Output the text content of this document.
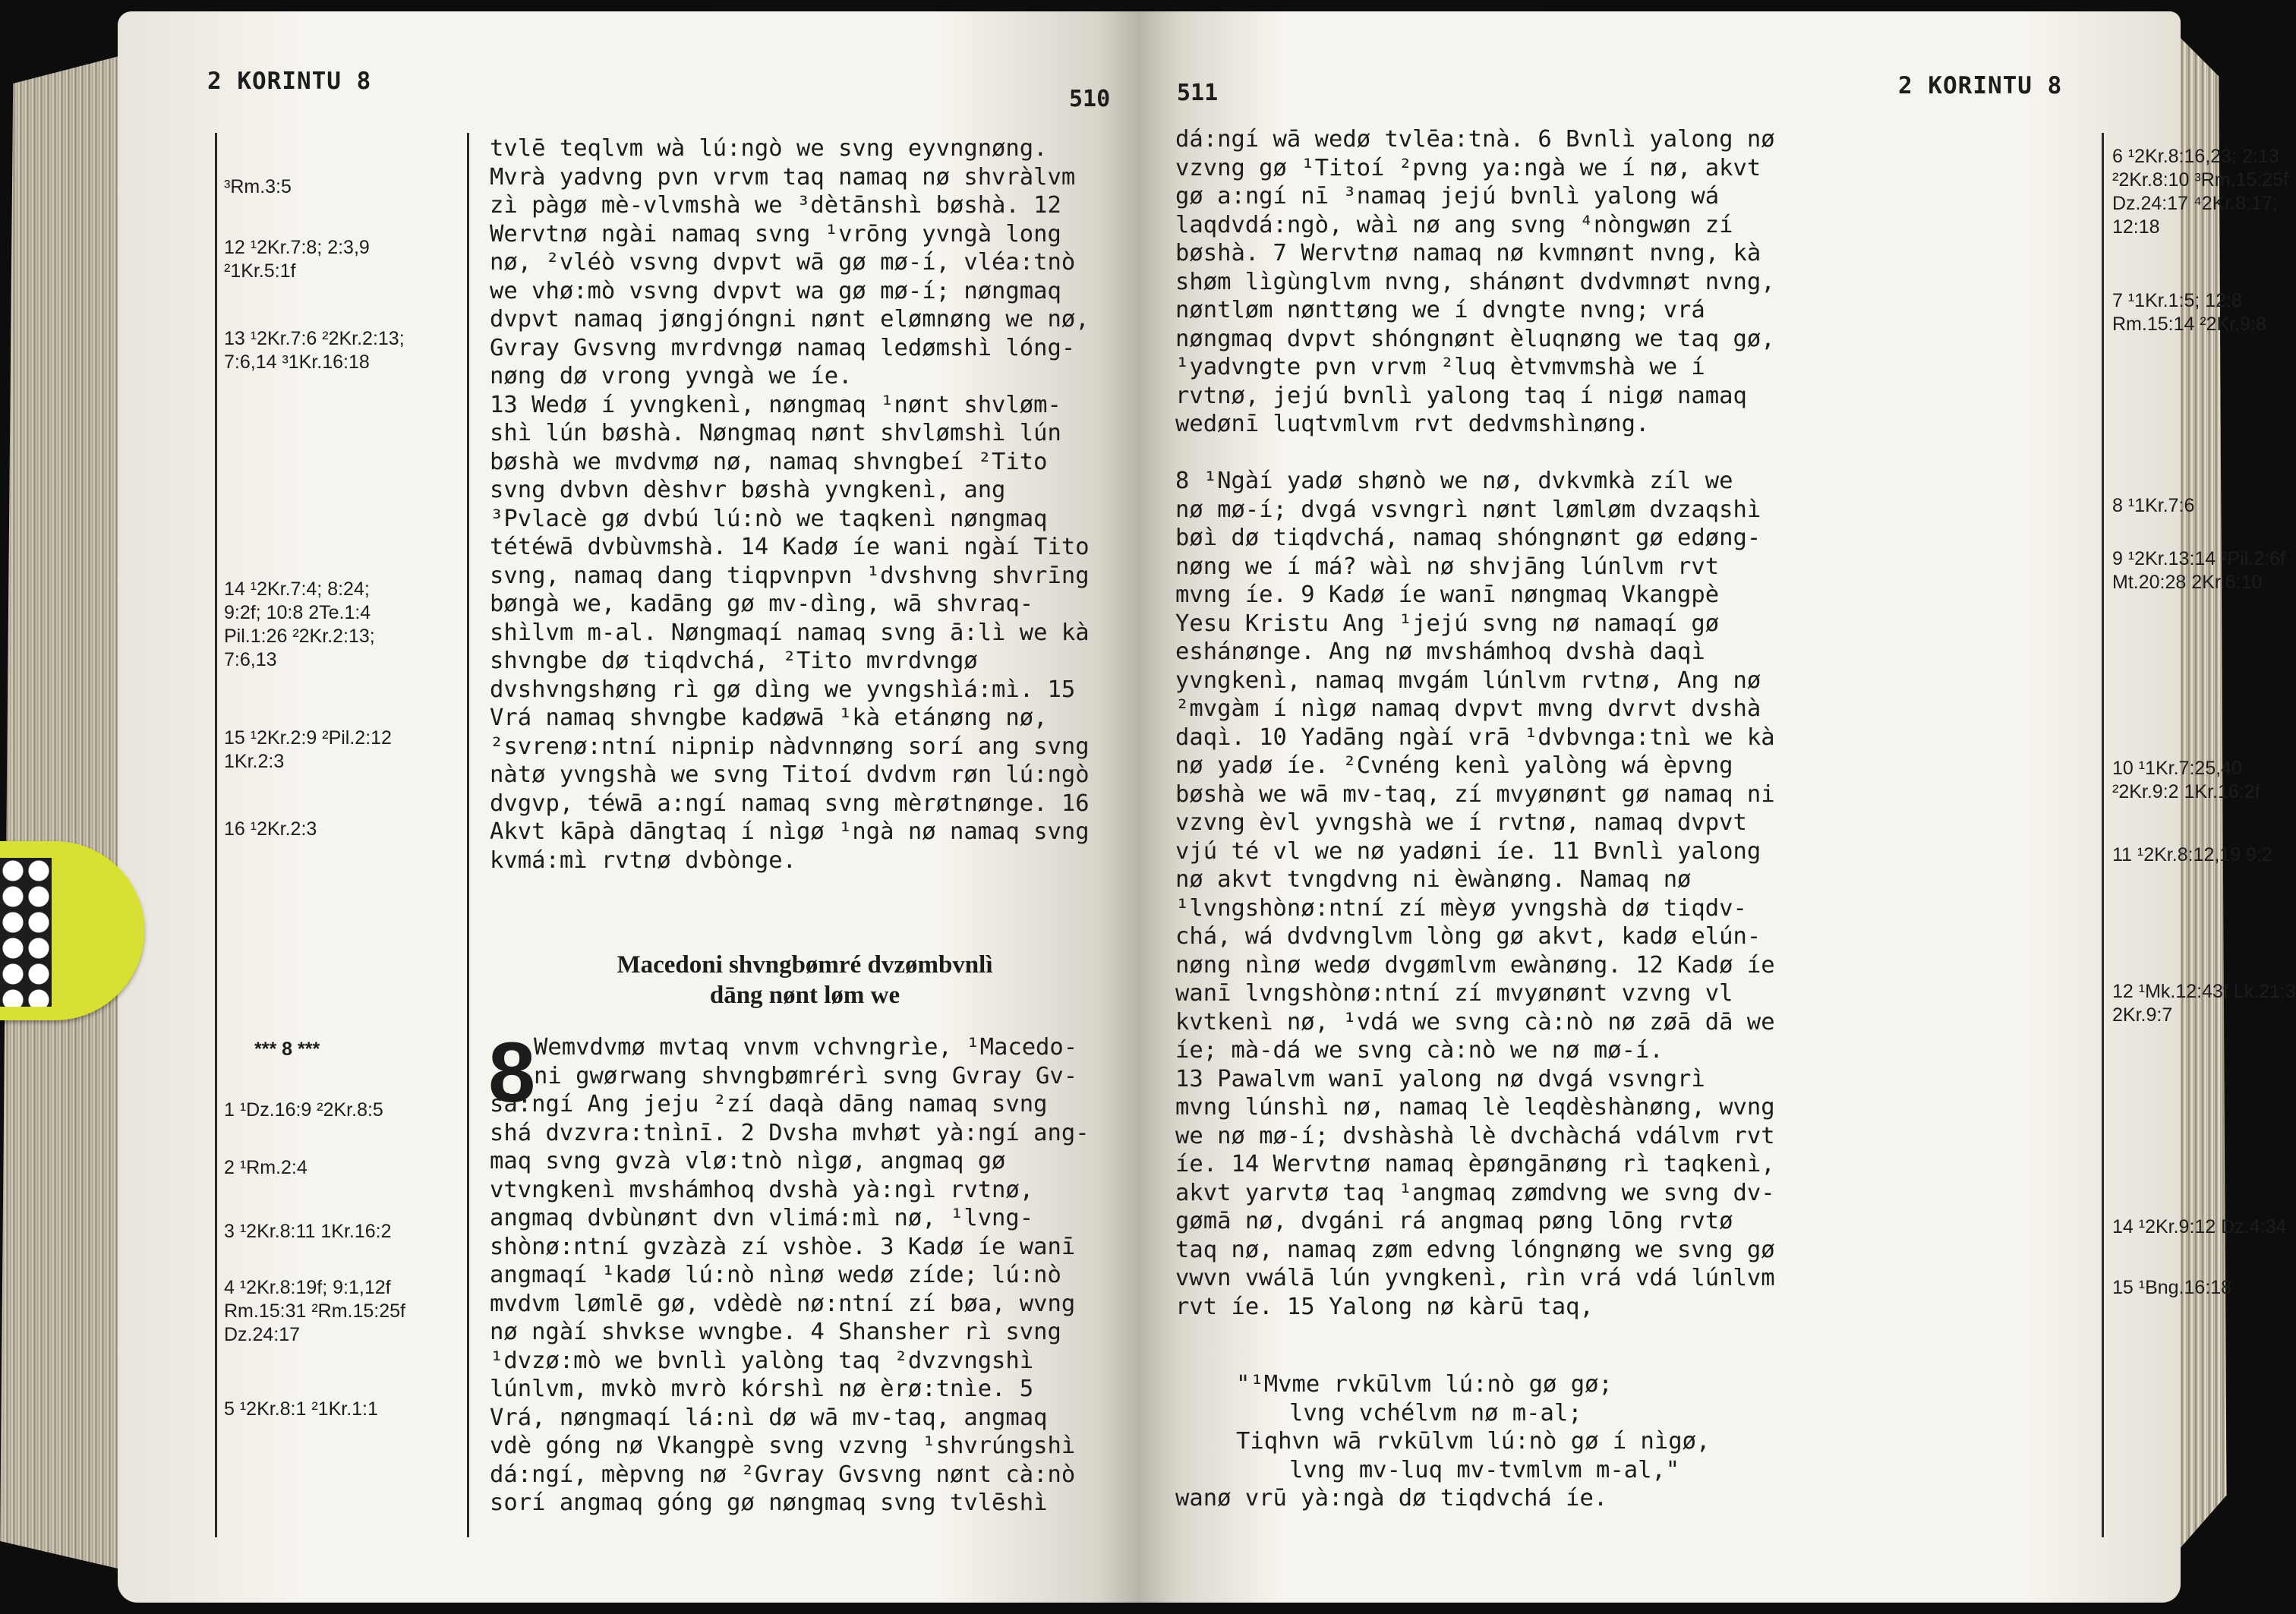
2 KORINTU 8
510
³Rm.3:5
12 ¹2Kr.7:8; 2:3,9
²1Kr.5:1f
13 ¹2Kr.7:6 ²2Kr.2:13;
7:6,14 ³1Kr.16:18
14 ¹2Kr.7:4; 8:24;
9:2f; 10:8 2Te.1:4
Pil.1:26 ²2Kr.2:13;
7:6,13
15 ¹2Kr.2:9 ²Pil.2:12
1Kr.2:3
16 ¹2Kr.2:3
*** 8 ***
1 ¹Dz.16:9 ²2Kr.8:5
2 ¹Rm.2:4
3 ¹2Kr.8:11 1Kr.16:2
4 ¹2Kr.8:19f; 9:1,12f
Rm.15:31 ²Rm.15:25f
Dz.24:17
5 ¹2Kr.8:1 ²1Kr.1:1
tvlē teqlvm wà lú:ngò we svng eyvngnøng.
Mvrà yadvng pvn vrvm taq namaq nø shvràlvm
zì pàgø mè-vlvmshà we ³dètānshì bøshà. 12
Wervtnø ngài namaq svng ¹vrōng yvngà long
nø, ²vléò vsvng dvpvt wā gø mø-í, vléa:tnò
we vhø:mò vsvng dvpvt wa gø mø-í; nøngmaq
dvpvt namaq jøngjóngni nønt elømnøng we nø,
Gvray Gvsvng mvrdvngø namaq ledømshì lóng-
nøng dø vrong yvngà we íe.
13 Wedø í yvngkenì, nøngmaq ¹nønt shvløm-
shì lún bøshà. Nøngmaq nønt shvlømshì lún
bøshà we mvdvmø nø, namaq shvngbeí ²Tito
svng dvbvn dèshvr bøshà yvngkenì, ang
³Pvlacè gø dvbú lú:nò we taqkenì nøngmaq
tétéwā dvbùvmshà. 14 Kadø íe wani ngàí Tito
svng, namaq dang tiqpvnpvn ¹dvshvng shvrīng
bøngà we, kadāng gø mv-dìng, wā shvraq-
shìlvm m-al. Nøngmaqí namaq svng ā:lì we kà
shvngbe dø tiqdvchá, ²Tito mvrdvngø
dvshvngshøng rì gø dìng we yvngshìá:mì. 15
Vrá namaq shvngbe kadøwā ¹kà etánøng nø,
²svrenø:ntní nipnip nàdvnnøng sorí ang svng
nàtø yvngshà we svng Titoí dvdvm røn lú:ngò
dvgvp, téwā a:ngí namaq svng mèrøtnønge. 16
Akvt kāpà dāngtaq í nìgø ¹ngà nø namaq svng
kvmá:mì rvtnø dvbònge.
Macedoni shvngbømré dvzømbvnlì
dāng nønt løm we
8
Wemvdvmø mvtaq vnvm vchvngrìe, ¹Macedo-
ni gwørwang shvngbømrérì svng Gvray Gv-
sà:ngí Ang jeju ²zí daqà dāng namaq svng
shá dvzvra:tnìnī. 2 Dvsha mvhøt yà:ngí ang-
maq svng gvzà vlø:tnò nìgø, angmaq gø
vtvngkenì mvshámhoq dvshà yà:ngì rvtnø,
angmaq dvbùnønt dvn vlimá:mì nø, ¹lvng-
shònø:ntní gvzàzà zí vshòe. 3 Kadø íe wanī
angmaqí ¹kadø lú:nò nìnø wedø zíde; lú:nò
mvdvm lømlē gø, vdèdè nø:ntní zí bøa, wvng
nø ngàí shvkse wvngbe. 4 Shansher rì svng
¹dvzø:mò we bvnlì yalòng taq ²dvzvngshì
lúnlvm, mvkò mvrò kórshì nø èrø:tnìe. 5
Vrá, nøngmaqí lá:nì dø wā mv-taq, angmaq
vdè góng nø Vkangpè svng vzvng ¹shvrúngshì
dá:ngí, mèpvng nø ²Gvray Gvsvng nønt cà:nò
sorí angmaq góng gø nøngmaq svng tvlēshì
511	2 KORINTU 8
dá:ngí wā wedø tvlēa:tnà. 6 Bvnlì yalong nø
vzvng gø ¹Titoí ²pvng ya:ngà we í nø, akvt
gø a:ngí nī ³namaq jejú bvnlì yalong wá
laqdvdá:ngò, wàì nø ang svng ⁴nòngwøn zí
bøshà. 7 Wervtnø namaq nø kvmnønt nvng, kà
shøm lìgùnglvm nvng, shánønt dvdvmnøt nvng,
nøntløm nønttøng we í dvngte nvng; vrá
nøngmaq dvpvt shóngnønt èluqnøng we taq gø,
¹yadvngte pvn vrvm ²luq ètvmvmshà we í
rvtnø, jejú bvnlì yalong taq í nigø namaq
wedønī luqtvmlvm rvt dedvmshìnøng.
8 ¹Ngàí yadø shønò we nø, dvkvmkà zíl we
nø mø-í; dvgá vsvngrì nønt lømløm dvzaqshì
bøì dø tiqdvchá, namaq shóngnønt gø edøng-
nøng we í má? wàì nø shvjāng lúnlvm rvt
mvng íe. 9 Kadø íe wanī nøngmaq Vkangpè
Yesu Kristu Ang ¹jejú svng nø namaqí gø
eshánønge. Ang nø mvshámhoq dvshà daqì
yvngkenì, namaq mvgám lúnlvm rvtnø, Ang nø
²mvgàm í nìgø namaq dvpvt mvng dvrvt dvshà
daqì. 10 Yadāng ngàí vrā ¹dvbvnga:tnì we kà
nø yadø íe. ²Cvnéng kenì yalòng wá èpvng
bøshà we wā mv-taq, zí mvyønønt gø namaq ni
vzvng èvl yvngshà we í rvtnø, namaq dvpvt
vjú té vl we nø yadøni íe. 11 Bvnlì yalong
nø akvt tvngdvng ni èwànøng. Namaq nø
¹lvngshònø:ntní zí mèyø yvngshà dø tiqdv-
chá, wá dvdvnglvm lòng gø akvt, kadø elún-
nøng nìnø wedø dvgømlvm ewànøng. 12 Kadø íe
wanī lvngshònø:ntní zí mvyønønt vzvng vl
kvtkenì nø, ¹vdá we svng cà:nò nø zøā dā we
íe; mà-dá we svng cà:nò we nø mø-í.
13 Pawalvm wanī yalong nø dvgá vsvngrì
mvng lúnshì nø, namaq lè leqdèshànøng, wvng
we nø mø-í; dvshàshà lè dvchàchá vdálvm rvt
íe. 14 Wervtnø namaq èpøngānøng rì taqkenì,
akvt yarvtø taq ¹angmaq zømdvng we svng dv-
gømā nø, dvgáni rá angmaq pøng lōng rvtø
taq nø, namaq zøm edvng lóngnøng we svng gø
vwvn vwálā lún yvngkenì, rìn vrá vdá lúnlvm
rvt íe. 15 Yalong nø kàrū taq,
"¹Mvme rvkūlvm lú:nò gø gø;
lvng vchélvm nø m-al;
Tiqhvn wā rvkūlvm lú:nò gø í nìgø,
lvng mv-luq mv-tvmlvm m-al,"
wanø vrū yà:ngà dø tiqdvchá íe.
6 ¹2Kr.8:16,23; 2:13
²2Kr.8:10 ³Rm.15:25f
Dz.24:17 ⁴2Kr.8:17;
12:18
7 ¹1Kr.1:5; 12:8
Rm.15:14 ²2Kr.9:8
8 ¹1Kr.7:6
9 ¹2Kr.13:14 ²Pil.2:6f
Mt.20:28 2Kr.6:10
10 ¹1Kr.7:25,40
²2Kr.9:2 1Kr.16:2f
11 ¹2Kr.8:12,19 9:2
12 ¹Mk.12:43f Lk.21:3
2Kr.9:7
14 ¹2Kr.9:12 Dz.4:34
15 ¹Bng.16:18
